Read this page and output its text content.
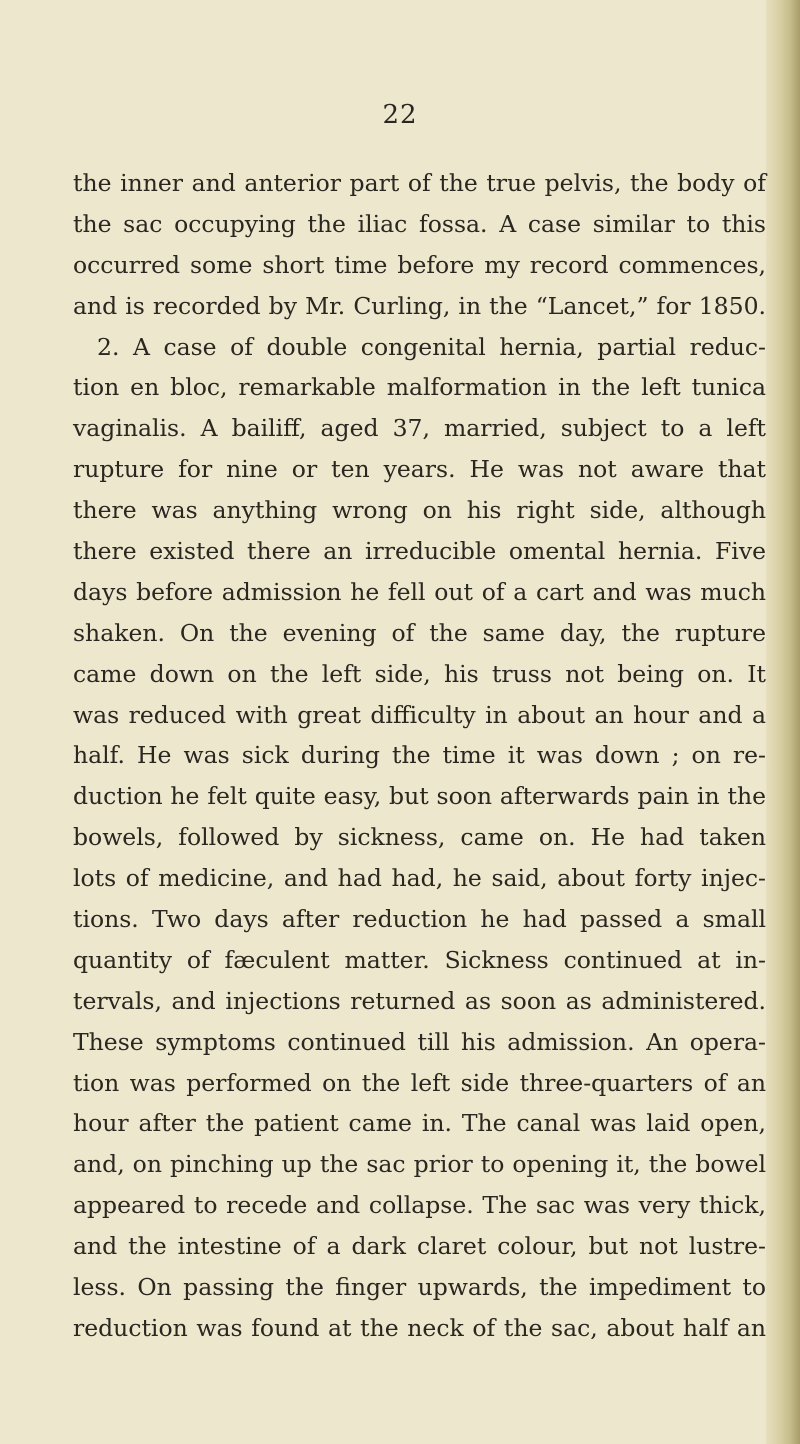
22
the inner and anterior part of the true pelvis, the body of
the sac occupying the iliac fossa. A case similar to this
occurred some short time before my record commences,
and is recorded by Mr. Curling, in the “Lancet,” for 1850.
2. A case of double congenital hernia, partial reduc-
tion en bloc, remarkable malformation in the left tunica
vaginalis. A bailiff, aged 37, married, subject to a left
rupture for nine or ten years. He was not aware that
there was anything wrong on his right side, although
there existed there an irreducible omental hernia. Five
days before admission he fell out of a cart and was much
shaken. On the evening of the same day, the rupture
came down on the left side, his truss not being on. It
was reduced with great difficulty in about an hour and a
half. He was sick during the time it was down ; on re-
duction he felt quite easy, but soon afterwards pain in the
bowels, followed by sickness, came on. He had taken
lots of medicine, and had had, he said, about forty injec-
tions. Two days after reduction he had passed a small
quantity of fæculent matter. Sickness continued at in-
tervals, and injections returned as soon as administered.
These symptoms continued till his admission. An opera-
tion was performed on the left side three-quarters of an
hour after the patient came in. The canal was laid open,
and, on pinching up the sac prior to opening it, the bowel
appeared to recede and collapse. The sac was very thick,
and the intestine of a dark claret colour, but not lustre-
less. On passing the finger upwards, the impediment to
reduction was found at the neck of the sac, about half an
